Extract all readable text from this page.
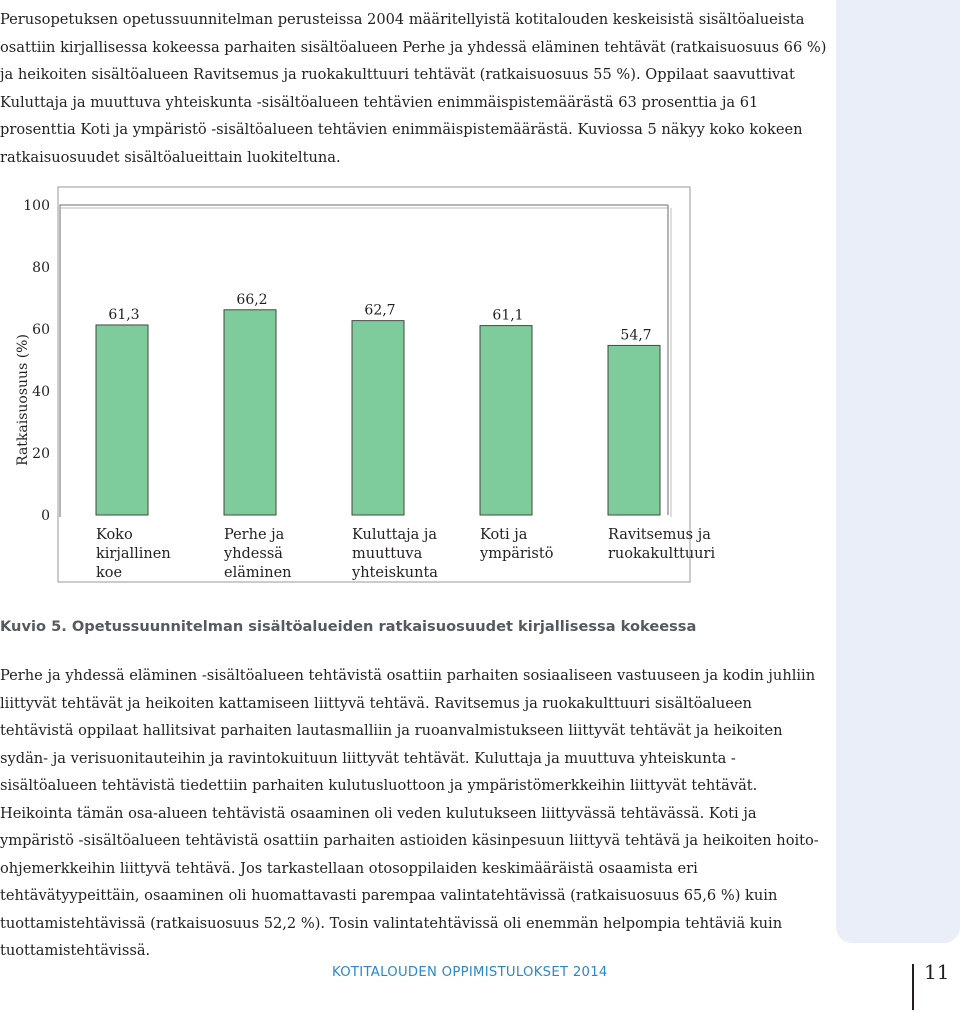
Perusopetuksen opetussuunnitelman perusteissa 2004 määritellyistä kotitalouden keskeisistä sisältöalueista osattiin kirjallisessa kokeessa parhaiten sisältöalueen Perhe ja yhdessä eläminen tehtävät (ratkaisuosuus 66 %) ja heikoiten sisältöalueen Ravitsemus ja ruokakulttuuri tehtävät (ratkaisuosuus 55 %). Oppilaat saavuttivat Kuluttaja ja muuttuva yhteiskunta -sisältöalueen tehtävien enimmäispistemäärästä 63 prosenttia ja 61 prosenttia Koti ja ympäristö -sisältöalueen tehtävien enimmäispistemäärästä. Kuviossa 5 näkyy koko kokeen ratkaisuosuudet sisältöalueittain luokiteltuna.

0
20
40
60
80
100
Ratkaisuosuus (%)
61,3
Koko kirjallinen koe
66,2
Perhe ja yhdessä eläminen
62,7
Kuluttaja ja muuttuva yhteiskunta
61,1
Koti ja ympäristö
54,7
Ravitsemus ja ruokakulttuuri

Kuvio 5. Opetussuunnitelman sisältöalueiden ratkaisuosuudet kirjallisessa kokeessa

Perhe ja yhdessä eläminen -sisältöalueen tehtävistä osattiin parhaiten sosiaaliseen vastuuseen ja kodin juhliin liittyvät tehtävät ja heikoiten kattamiseen liittyvä tehtävä. Ravitsemus ja ruokakulttuuri sisältöalueen tehtävistä oppilaat hallitsivat parhaiten lautasmalliin ja ruoanvalmistukseen liittyvät tehtävät ja heikoiten sydän- ja verisuonitauteihin ja ravintokuituun liittyvät tehtävät. Kuluttaja ja muuttuva yhteiskunta -sisältöalueen tehtävistä tiedettiin parhaiten kulutusluottoon ja ympäristömerkkeihin liittyvät tehtävät. Heikointa tämän osa-alueen tehtävistä osaaminen oli veden kulutukseen liittyvässä tehtävässä. Koti ja ympäristö -sisältöalueen tehtävistä osattiin parhaiten astioiden käsinpesuun liittyvä tehtävä ja heikoiten hoito-ohjemerkkeihin liittyvä tehtävä. Jos tarkastellaan otosoppilaiden keskimääräistä osaamista eri tehtävätyypeittäin, osaaminen oli huomattavasti parempaa valintatehtävissä (ratkaisuosuus 65,6 %) kuin tuottamistehtävissä (ratkaisuosuus 52,2 %). Tosin valintatehtävissä oli enemmän helpompia tehtäviä kuin tuottamistehtävissä.

KOTITALOUDEN OPPIMISTULOKSET 2014	11
